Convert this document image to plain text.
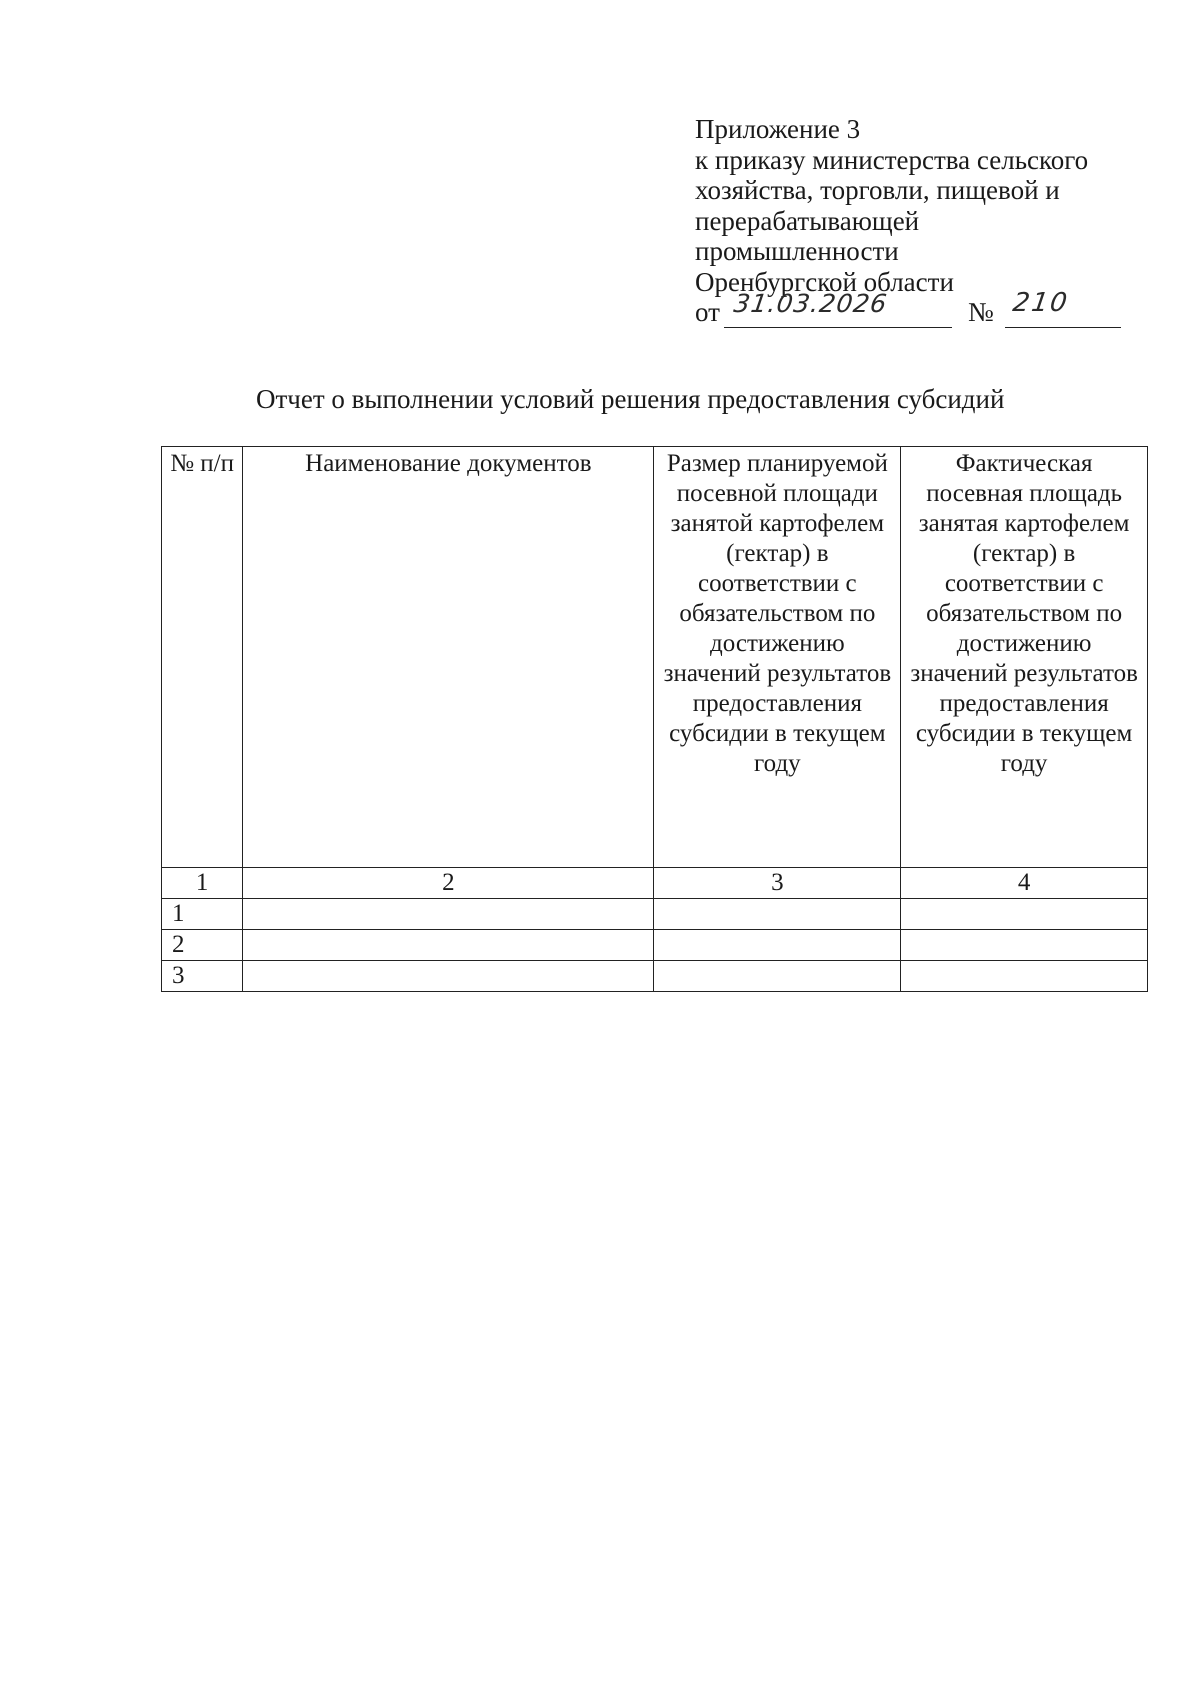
Приложение 3
к приказу министерства сельского
хозяйства, торговли, пищевой и
перерабатывающей
промышленности
Оренбургской области
от 31.03.2026	№ 210
Отчет о выполнении условий решения предоставления субсидий
№ п/п	Наименование документов	Размер планируемой посевной площади занятой картофелем (гектар) в соответствии с обязательством по достижению значений результатов предоставления субсидии в текущем году	Фактическая посевная площадь занятая картофелем (гектар) в соответствии с обязательством по достижению значений результатов предоставления субсидии в текущем году

1	2	3	4
1			
2			
3			
